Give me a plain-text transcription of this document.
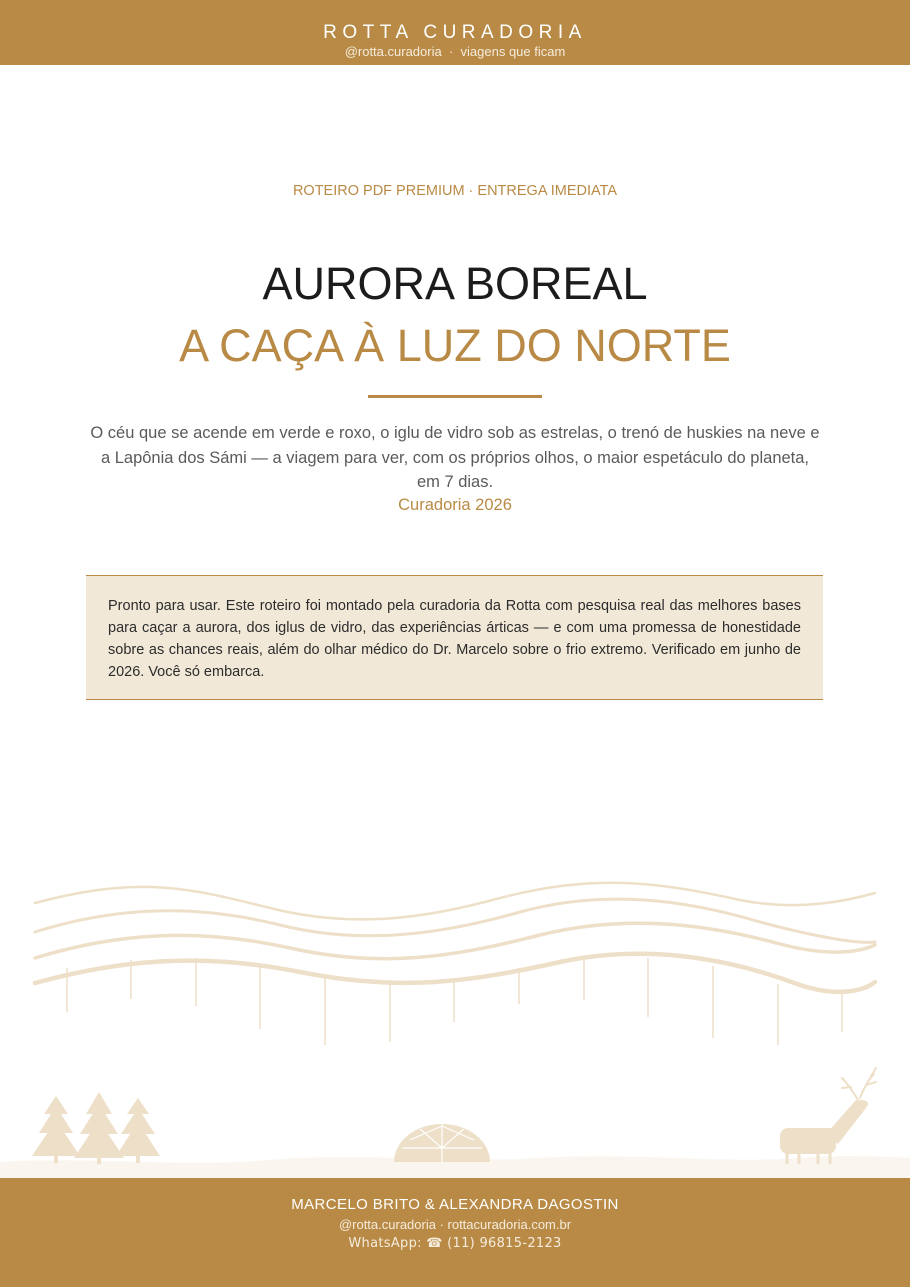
ROTTA CURADORIA
@rotta.curadoria · viagens que ficam
ROTEIRO PDF PREMIUM · ENTREGA IMEDIATA
AURORA BOREAL
A CAÇA À LUZ DO NORTE

O céu que se acende em verde e roxo, o iglu de vidro sob as estrelas, o trenó de huskies na neve e a Lapônia dos Sámi — a viagem para ver, com os próprios olhos, o maior espetáculo do planeta, em 7 dias.

Curadoria 2026

Pronto para usar. Este roteiro foi montado pela curadoria da Rotta com pesquisa real das melhores bases para caçar a aurora, dos iglus de vidro, das experiências árticas — e com uma promessa de honestidade sobre as chances reais, além do olhar médico do Dr. Marcelo sobre o frio extremo. Verificado em junho de 2026. Você só embarca.

MARCELO BRITO & ALEXANDRA DAGOSTIN
@rotta.curadoria · rottacuradoria.com.br
WhatsApp: ☎ (11) 96815-2123
